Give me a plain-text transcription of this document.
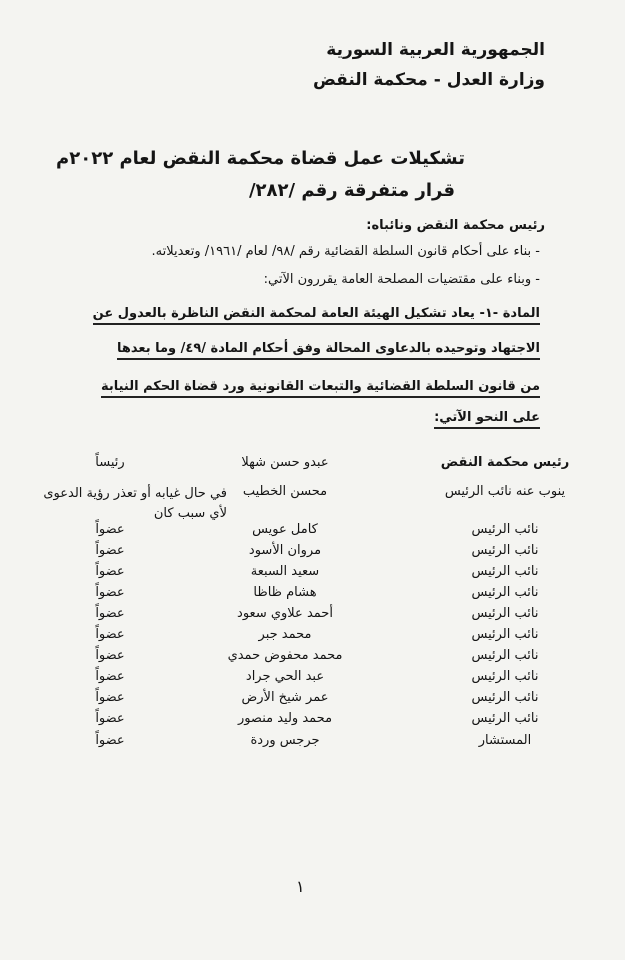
الجمهورية العربية السورية
وزارة العدل - محكمة النقض
تشكيلات عمل قضاة محكمة النقض لعام ٢٠٢٢م
قرار متفرقة رقم /٢٨٢/
رئيس محكمة النقض ونائباه:
- بناء على أحكام قانون السلطة القضائية رقم /٩٨/ لعام /١٩٦١/ وتعديلاته.
- وبناء على مقتضيات المصلحة العامة يقررون الآتي:
المادة -١- يعاد تشكيل الهيئة العامة لمحكمة النقض الناظرة بالعدول عن
الاجتهاد وتوحيده بالدعاوى المحالة وفق أحكام المادة /٤٩/ وما بعدها
من قانون السلطة القضائية والتبعات القانونية ورد قضاة الحكم النيابة
على النحو الآتي:
رئيس محكمة النقض
عبدو حسن شهلا
رئيساً
ينوب عنه نائب الرئيس
محسن الخطيب
نائب الرئيس
كامل عويس
عضواً
نائب الرئيس
مروان الأسود
عضواً
نائب الرئيس
سعيد السبعة
عضواً
نائب الرئيس
هشام ظاظا
عضواً
نائب الرئيس
أحمد علاوي سعود
عضواً
نائب الرئيس
محمد جبر
عضواً
نائب الرئيس
محمد محفوض حمدي
عضواً
نائب الرئيس
عبد الحي جراد
عضواً
نائب الرئيس
عمر شيخ الأرض
عضواً
نائب الرئيس
محمد وليد منصور
عضواً
المستشار
جرجس وردة
عضواً
في حال غيابه أو تعذر رؤية الدعوى لأي سبب كان
١
